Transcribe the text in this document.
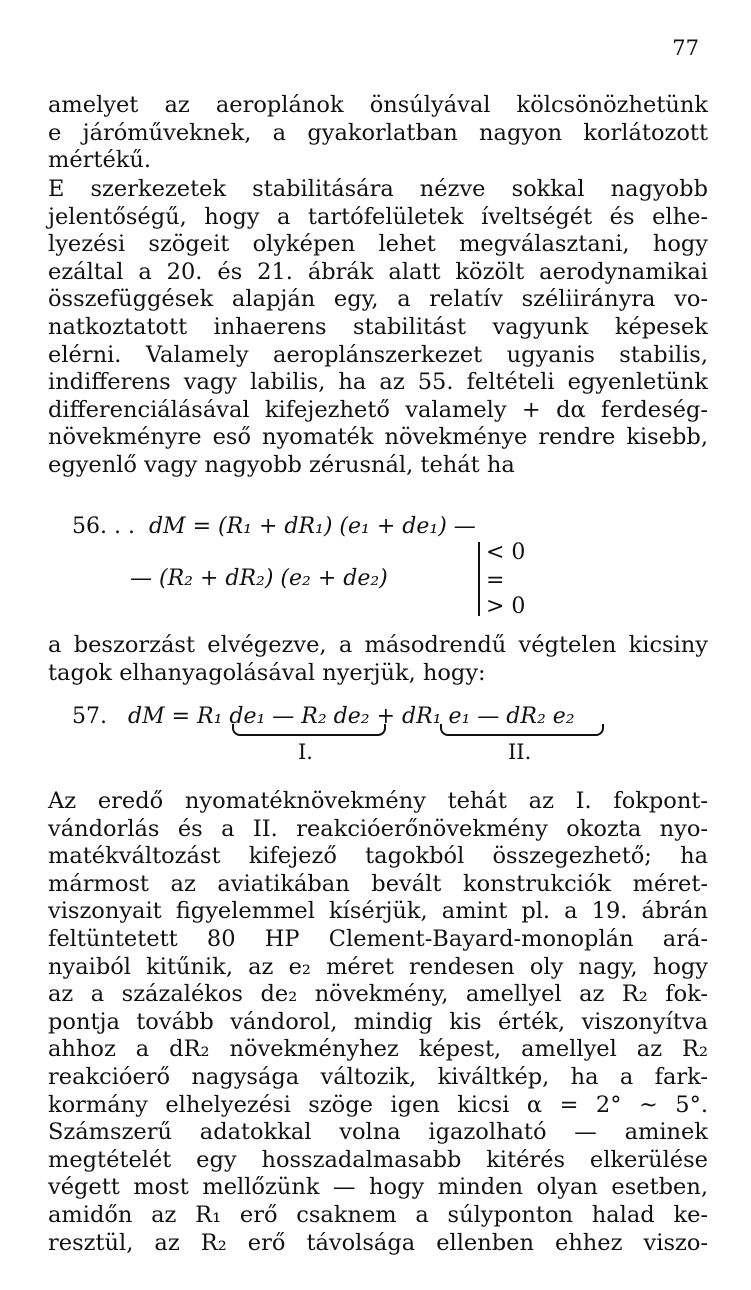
77
amelyet az aeroplánok önsúlyával kölcsönözhetünk
e járóműveknek, a gyakorlatban nagyon korlátozott
mértékű.
E szerkezetek stabilitására nézve sokkal nagyobb
jelentőségű, hogy a tartófelületek íveltségét és elhe-
lyezési szögeit olyképen lehet megválasztani, hogy
ezáltal a 20. és 21. ábrák alatt közölt aerodynamikai
összefüggések alapján egy, a relatív széliirányra vo-
natkoztatott inhaerens stabilitást vagyunk képesek
elérni. Valamely aeroplánszerkezet ugyanis stabilis,
indifferens vagy labilis, ha az 55. feltételi egyenletünk
differenciálásával kifejezhető valamely + dα ferdeség-
növekményre eső nyomaték növekménye rendre kisebb,
egyenlő vagy nagyobb zérusnál, tehát ha
56. . . dM = (R₁ + dR₁) (e₁ + de₁) —
— (R₂ + dR₂) (e₂ + de₂)
< 0
=
> 0
a beszorzást elvégezve, a másodrendű végtelen kicsiny
tagok elhanyagolásával nyerjük, hogy:
57. dM = R₁ de₁ — R₂ de₂ + dR₁ e₁ — dR₂ e₂
I.	II.
Az eredő nyomatéknövekmény tehát az I. fokpont-
vándorlás és a II. reakcióerőnövekmény okozta nyo-
matékváltozást kifejező tagokból összegezhető; ha
mármost az aviatikában bevált konstrukciók méret-
viszonyait figyelemmel kísérjük, amint pl. a 19. ábrán
feltüntetett 80 HP Clement-Bayard-monoplán ará-
nyaiból kitűnik, az e₂ méret rendesen oly nagy, hogy
az a százalékos de₂ növekmény, amellyel az R₂ fok-
pontja tovább vándorol, mindig kis érték, viszonyítva
ahhoz a dR₂ növekményhez képest, amellyel az R₂
reakcióerő nagysága változik, kiváltkép, ha a fark-
kormány elhelyezési szöge igen kicsi α = 2° ~ 5°.
Számszerű adatokkal volna igazolható — aminek
megtételét egy hosszadalmasabb kitérés elkerülése
végett most mellőzünk — hogy minden olyan esetben,
amidőn az R₁ erő csaknem a súlyponton halad ke-
resztül, az R₂ erő távolsága ellenben ehhez viszo-
